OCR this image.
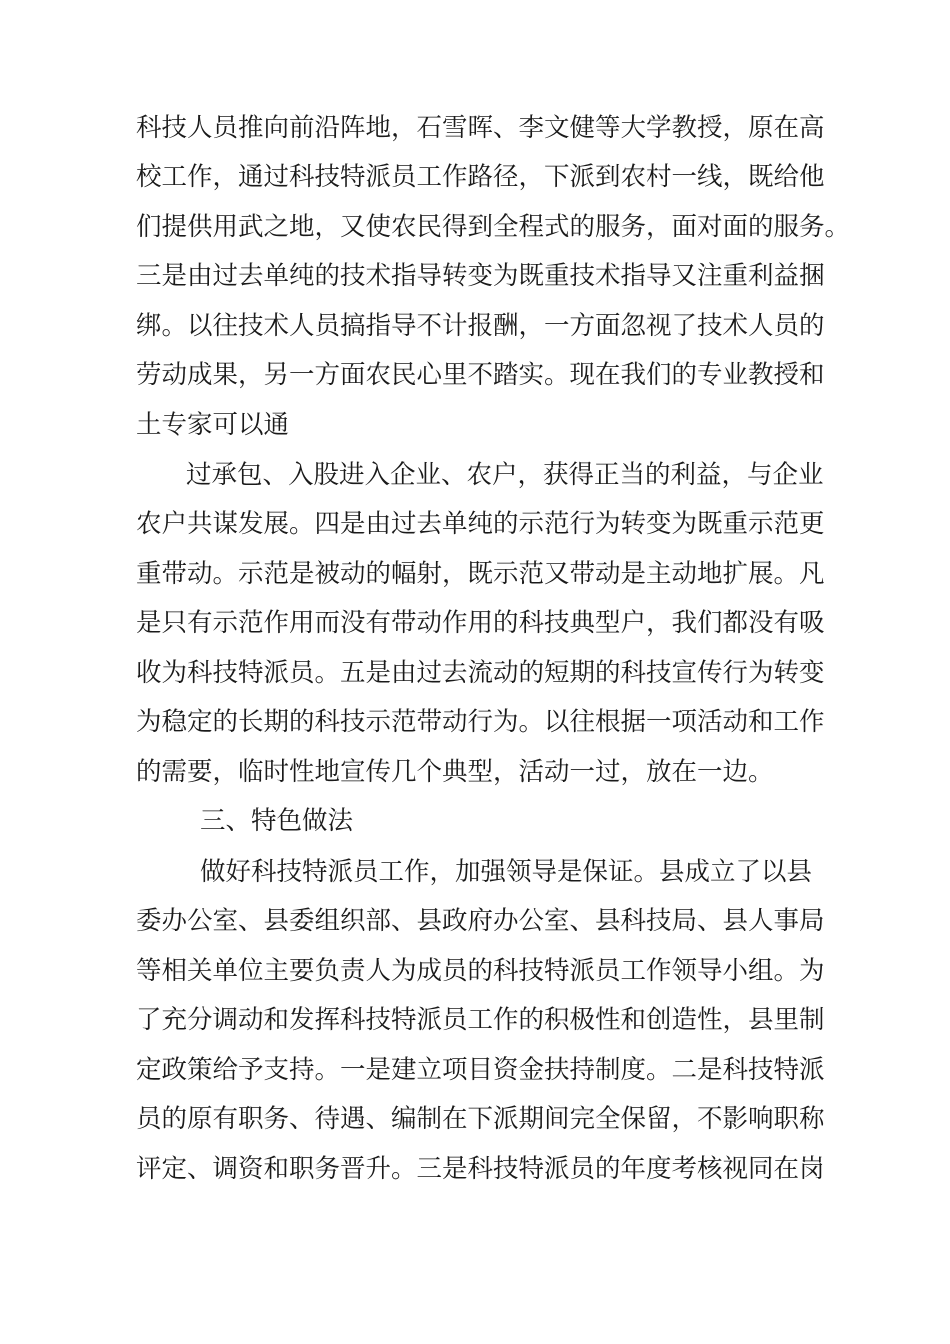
科技人员推向前沿阵地，石雪晖、李文健等大学教授，原在高
校工作，通过科技特派员工作路径，下派到农村一线，既给他
们提供用武之地，又使农民得到全程式的服务，面对面的服务。
三是由过去单纯的技术指导转变为既重技术指导又注重利益捆
绑。以往技术人员搞指导不计报酬，一方面忽视了技术人员的
劳动成果，另一方面农民心里不踏实。现在我们的专业教授和
土专家可以通
过承包、入股进入企业、农户，获得正当的利益，与企业
农户共谋发展。四是由过去单纯的示范行为转变为既重示范更
重带动。示范是被动的幅射，既示范又带动是主动地扩展。凡
是只有示范作用而没有带动作用的科技典型户，我们都没有吸
收为科技特派员。五是由过去流动的短期的科技宣传行为转变
为稳定的长期的科技示范带动行为。以往根据一项活动和工作
的需要，临时性地宣传几个典型，活动一过，放在一边。
三、特色做法
做好科技特派员工作，加强领导是保证。县成立了以县
委办公室、县委组织部、县政府办公室、县科技局、县人事局
等相关单位主要负责人为成员的科技特派员工作领导小组。为
了充分调动和发挥科技特派员工作的积极性和创造性，县里制
定政策给予支持。一是建立项目资金扶持制度。二是科技特派
员的原有职务、待遇、编制在下派期间完全保留，不影响职称
评定、调资和职务晋升。三是科技特派员的年度考核视同在岗
